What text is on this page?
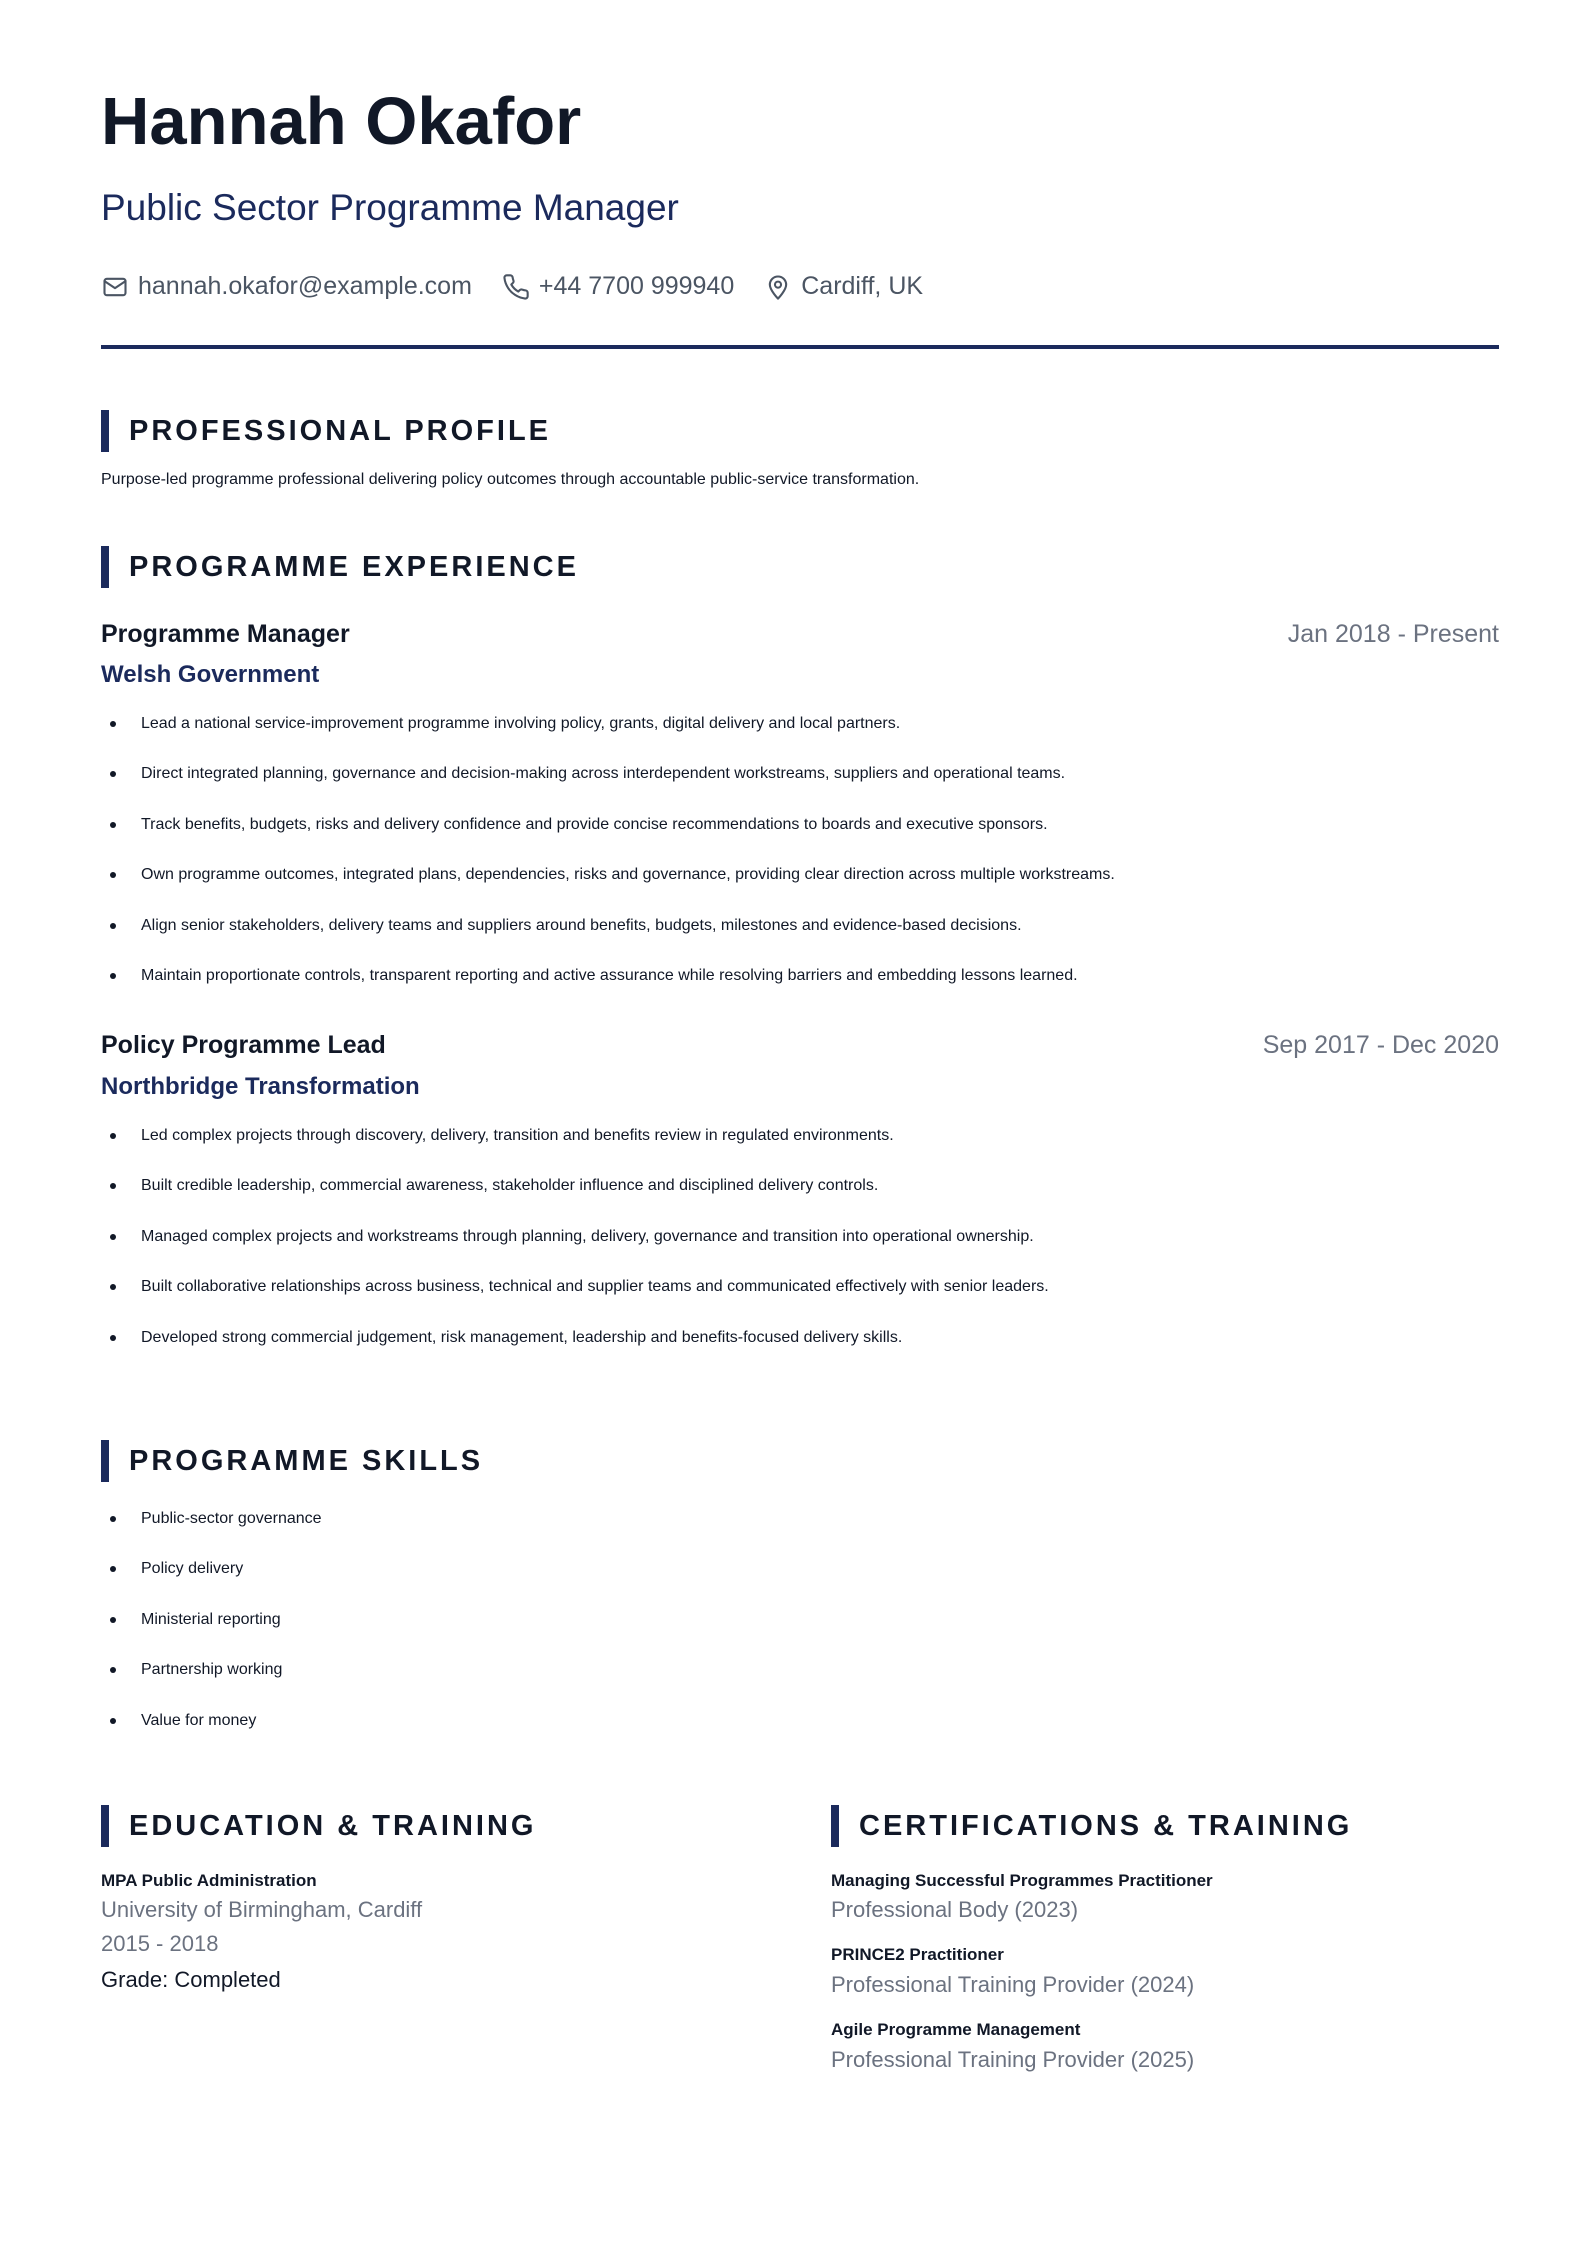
Hannah Okafor
Public Sector Programme Manager
hannah.okafor@example.com	+44 7700 999940	Cardiff, UK
PROFESSIONAL PROFILE
Purpose-led programme professional delivering policy outcomes through accountable public-service transformation.
PROGRAMME EXPERIENCE
Programme Manager	Jan 2018 - Present
Welsh Government
Lead a national service-improvement programme involving policy, grants, digital delivery and local partners.
Direct integrated planning, governance and decision-making across interdependent workstreams, suppliers and operational teams.
Track benefits, budgets, risks and delivery confidence and provide concise recommendations to boards and executive sponsors.
Own programme outcomes, integrated plans, dependencies, risks and governance, providing clear direction across multiple workstreams.
Align senior stakeholders, delivery teams and suppliers around benefits, budgets, milestones and evidence-based decisions.
Maintain proportionate controls, transparent reporting and active assurance while resolving barriers and embedding lessons learned.
Policy Programme Lead	Sep 2017 - Dec 2020
Northbridge Transformation
Led complex projects through discovery, delivery, transition and benefits review in regulated environments.
Built credible leadership, commercial awareness, stakeholder influence and disciplined delivery controls.
Managed complex projects and workstreams through planning, delivery, governance and transition into operational ownership.
Built collaborative relationships across business, technical and supplier teams and communicated effectively with senior leaders.
Developed strong commercial judgement, risk management, leadership and benefits-focused delivery skills.
PROGRAMME SKILLS
Public-sector governance
Policy delivery
Ministerial reporting
Partnership working
Value for money
EDUCATION & TRAINING
MPA Public Administration
University of Birmingham, Cardiff
2015 - 2018
Grade: Completed
CERTIFICATIONS & TRAINING
Managing Successful Programmes Practitioner
Professional Body (2023)
PRINCE2 Practitioner
Professional Training Provider (2024)
Agile Programme Management
Professional Training Provider (2025)
